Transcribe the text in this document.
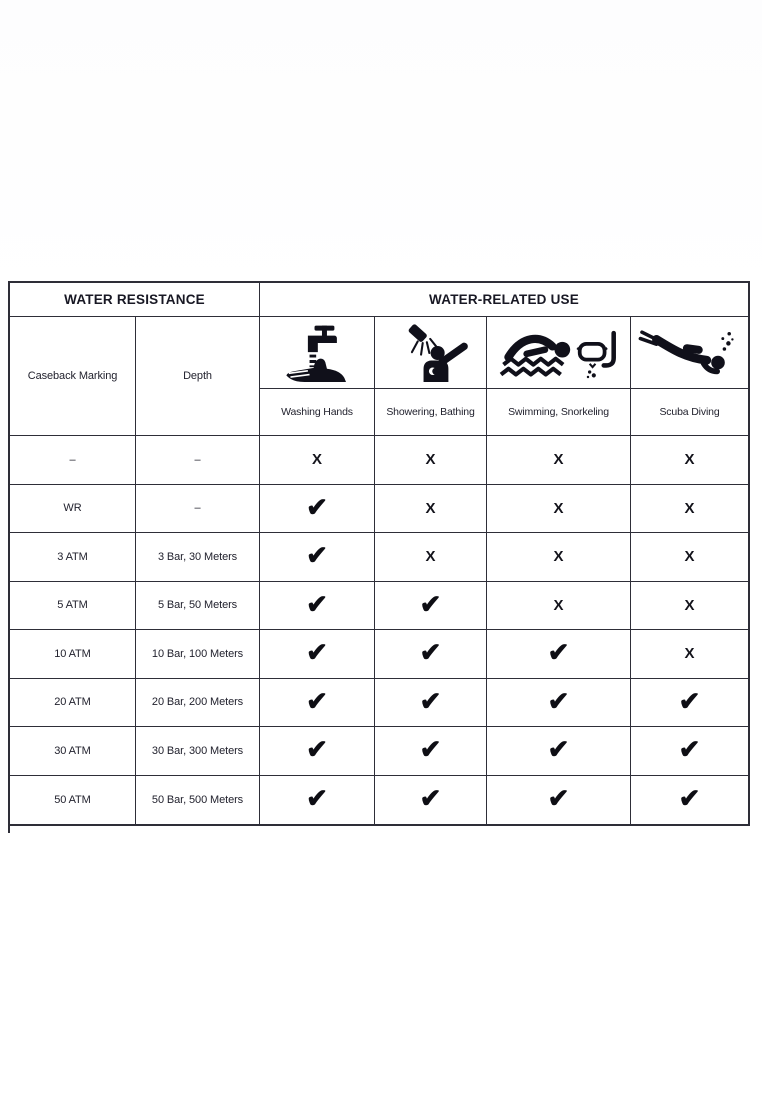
WATER RESISTANCE	WATER-RELATED USE
Caseback Marking	Depth
Washing Hands	Showering, Bathing	Swimming, Snorkeling	Scuba Diving
–	–	X	X	X	X
WR	–	✔	X	X	X
3 ATM	3 Bar, 30 Meters	✔	X	X	X
5 ATM	5 Bar, 50 Meters	✔	✔	X	X
10 ATM	10 Bar, 100 Meters	✔	✔	✔	X
20 ATM	20 Bar, 200 Meters	✔	✔	✔	✔
30 ATM	30 Bar, 300 Meters	✔	✔	✔	✔
50 ATM	50 Bar, 500 Meters	✔	✔	✔	✔
